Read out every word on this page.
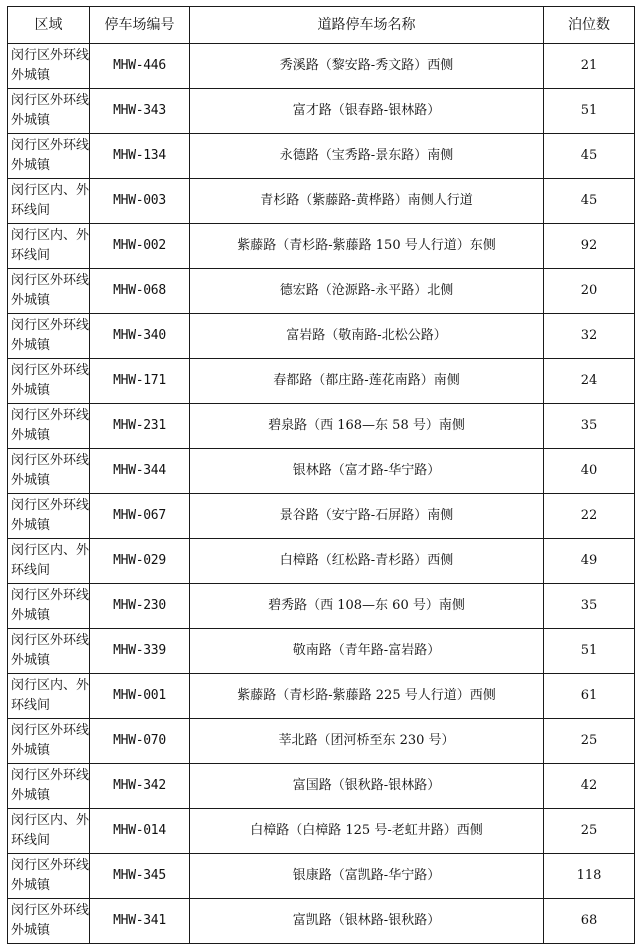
区域	停车场编号	道路停车场名称	泊位数
闵行区外环线外城镇	MHW-446	秀溪路（黎安路-秀文路）西侧	21
闵行区外环线外城镇	MHW-343	富才路（银春路-银林路）	51
闵行区外环线外城镇	MHW-134	永德路（宝秀路-景东路）南侧	45
闵行区内、外环线间	MHW-003	青杉路（紫藤路-黄桦路）南侧人行道	45
闵行区内、外环线间	MHW-002	紫藤路（青杉路-紫藤路 150 号人行道）东侧	92
闵行区外环线外城镇	MHW-068	德宏路（沧源路-永平路）北侧	20
闵行区外环线外城镇	MHW-340	富岩路（敬南路-北松公路）	32
闵行区外环线外城镇	MHW-171	春都路（都庄路-莲花南路）南侧	24
闵行区外环线外城镇	MHW-231	碧泉路（西 168—东 58 号）南侧	35
闵行区外环线外城镇	MHW-344	银林路（富才路-华宁路）	40
闵行区外环线外城镇	MHW-067	景谷路（安宁路-石屏路）南侧	22
闵行区内、外环线间	MHW-029	白樟路（红松路-青杉路）西侧	49
闵行区外环线外城镇	MHW-230	碧秀路（西 108—东 60 号）南侧	35
闵行区外环线外城镇	MHW-339	敬南路（青年路-富岩路）	51
闵行区内、外环线间	MHW-001	紫藤路（青杉路-紫藤路 225 号人行道）西侧	61
闵行区外环线外城镇	MHW-070	莘北路（团河桥至东 230 号）	25
闵行区外环线外城镇	MHW-342	富国路（银秋路-银林路）	42
闵行区内、外环线间	MHW-014	白樟路（白樟路 125 号-老虹井路）西侧	25
闵行区外环线外城镇	MHW-345	银康路（富凯路-华宁路）	118
闵行区外环线外城镇	MHW-341	富凯路（银林路-银秋路）	68
